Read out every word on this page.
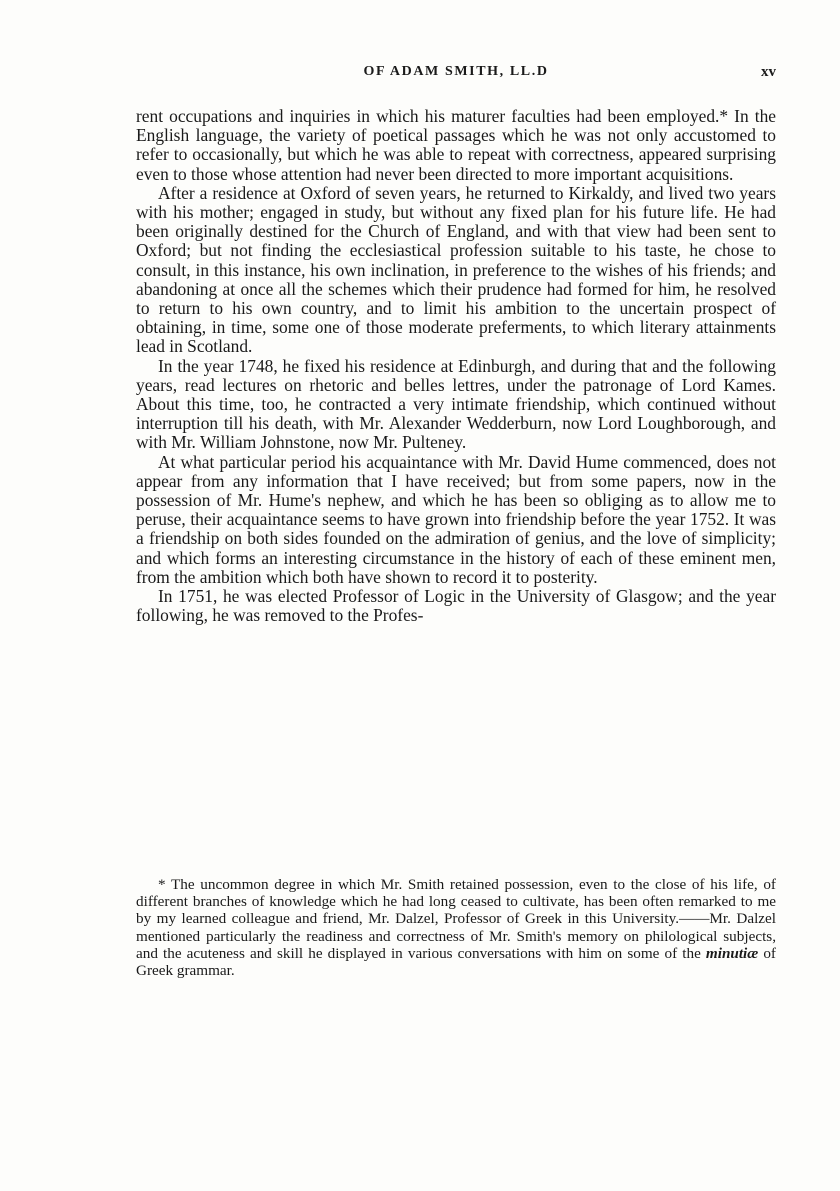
OF ADAM SMITH, LL.D	xv

rent occupations and inquiries in which his maturer faculties had been employed.* In the English language, the variety of poetical passages which he was not only accustomed to refer to occasionally, but which he was able to repeat with correctness, appeared surprising even to those whose attention had never been directed to more important acquisitions.

After a residence at Oxford of seven years, he returned to Kirkaldy, and lived two years with his mother; engaged in study, but without any fixed plan for his future life. He had been originally destined for the Church of England, and with that view had been sent to Oxford; but not finding the ecclesiastical profession suitable to his taste, he chose to consult, in this instance, his own inclination, in preference to the wishes of his friends; and abandoning at once all the schemes which their prudence had formed for him, he resolved to return to his own country, and to limit his ambition to the uncertain prospect of obtaining, in time, some one of those moderate preferments, to which literary attainments lead in Scotland.

In the year 1748, he fixed his residence at Edinburgh, and during that and the following years, read lectures on rhetoric and belles lettres, under the patronage of Lord Kames. About this time, too, he contracted a very intimate friendship, which continued without interruption till his death, with Mr. Alexander Wedderburn, now Lord Loughborough, and with Mr. William Johnstone, now Mr. Pulteney.

At what particular period his acquaintance with Mr. David Hume commenced, does not appear from any information that I have received; but from some papers, now in the possession of Mr. Hume's nephew, and which he has been so obliging as to allow me to peruse, their acquaintance seems to have grown into friendship before the year 1752. It was a friendship on both sides founded on the admiration of genius, and the love of simplicity; and which forms an interesting circumstance in the history of each of these eminent men, from the ambition which both have shown to record it to posterity.

In 1751, he was elected Professor of Logic in the University of Glasgow; and the year following, he was removed to the Profes-

* The uncommon degree in which Mr. Smith retained possession, even to the close of his life, of different branches of knowledge which he had long ceased to cultivate, has been often remarked to me by my learned colleague and friend, Mr. Dalzel, Professor of Greek in this University.——Mr. Dalzel mentioned particularly the readiness and correctness of Mr. Smith's memory on philological subjects, and the acuteness and skill he displayed in various conversations with him on some of the minutiæ of Greek grammar.
